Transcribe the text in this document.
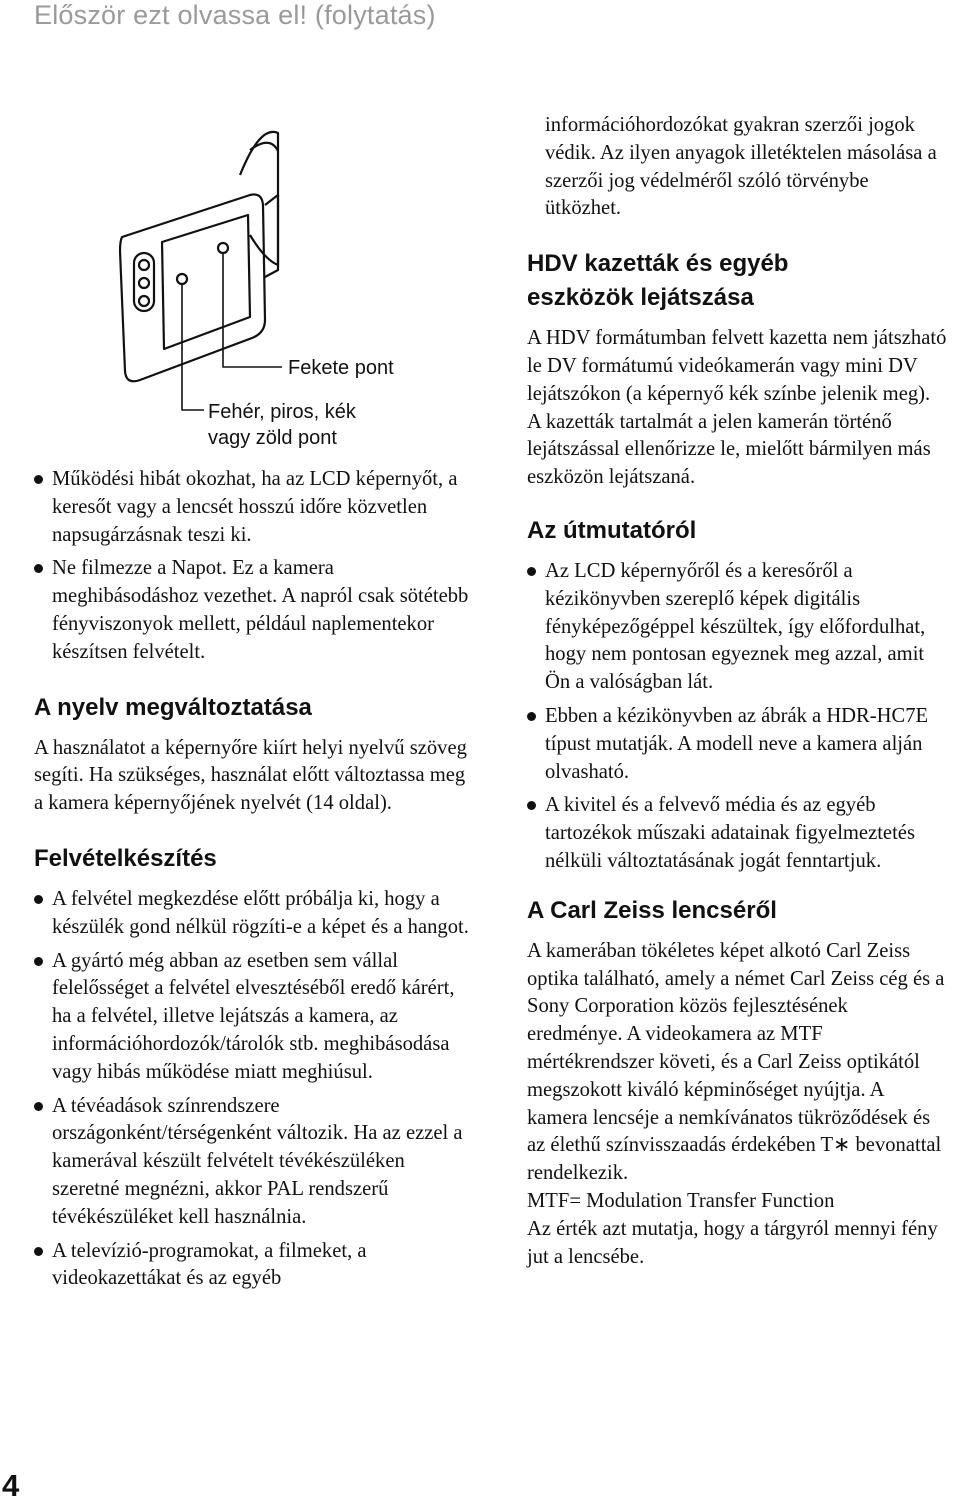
Először ezt olvassa el! (folytatás)
Fekete pont
Fehér, piros, kék
vagy zöld pont
Működési hibát okozhat, ha az LCD képernyőt, a keresőt vagy a lencsét hosszú időre közvetlen napsugárzásnak teszi ki.
Ne filmezze a Napot. Ez a kamera meghibásodáshoz vezethet. A napról csak sötétebb fényviszonyok mellett, például naplementekor készítsen felvételt.
A nyelv megváltoztatása

A használatot a képernyőre kiírt helyi nyelvű szöveg segíti. Ha szükséges, használat előtt változtassa meg a kamera képernyőjének nyelvét (14 oldal).

Felvételkészítés
A felvétel megkezdése előtt próbálja ki, hogy a készülék gond nélkül rögzíti-e a képet és a hangot.
A gyártó még abban az esetben sem vállal felelősséget a felvétel elvesztéséből eredő kárért, ha a felvétel, illetve lejátszás a kamera, az információhordozók/tárolók stb. meghibásodása vagy hibás működése miatt meghiúsul.
A tévéadások színrendszere országonként/térségenként változik. Ha az ezzel a kamerával készült felvételt tévékészüléken szeretné megnézni, akkor PAL rendszerű tévékészüléket kell használnia.
A televízió-programokat, a filmeket, a videokazettákat és az egyéb

információhordozókat gyakran szerzői jogok védik. Az ilyen anyagok illetéktelen másolása a szerzői jog védelméről szóló törvénybe ütközhet.

HDV kazetták és egyéb
eszközök lejátszása

A HDV formátumban felvett kazetta nem játszható le DV formátumú videókamerán vagy mini DV lejátszókon (a képernyő kék színbe jelenik meg).

A kazetták tartalmát a jelen kamerán történő lejátszással ellenőrizze le, mielőtt bármilyen más eszközön lejátszaná.

Az útmutatóról
Az LCD képernyőről és a keresőről a kézikönyvben szereplő képek digitális fényképezőgéppel készültek, így előfordulhat, hogy nem pontosan egyeznek meg azzal, amit Ön a valóságban lát.
Ebben a kézikönyvben az ábrák a HDR-HC7E típust mutatják. A modell neve a kamera alján olvasható.
A kivitel és a felvevő média és az egyéb tartozékok műszaki adatainak figyelmeztetés nélküli változtatásának jogát fenntartjuk.
A Carl Zeiss lencséről

A kamerában tökéletes képet alkotó Carl Zeiss optika található, amely a német Carl Zeiss cég és a Sony Corporation közös fejlesztésének eredménye. A videokamera az MTF mértékrendszer követi, és a Carl Zeiss optikától megszokott kiváló képminőséget nyújtja. A kamera lencséje a nemkívánatos tükröződések és az élethű színvisszaadás érdekében T∗ bevonattal rendelkezik.

MTF= Modulation Transfer Function

Az érték azt mutatja, hogy a tárgyról mennyi fény jut a lencsébe.

4
